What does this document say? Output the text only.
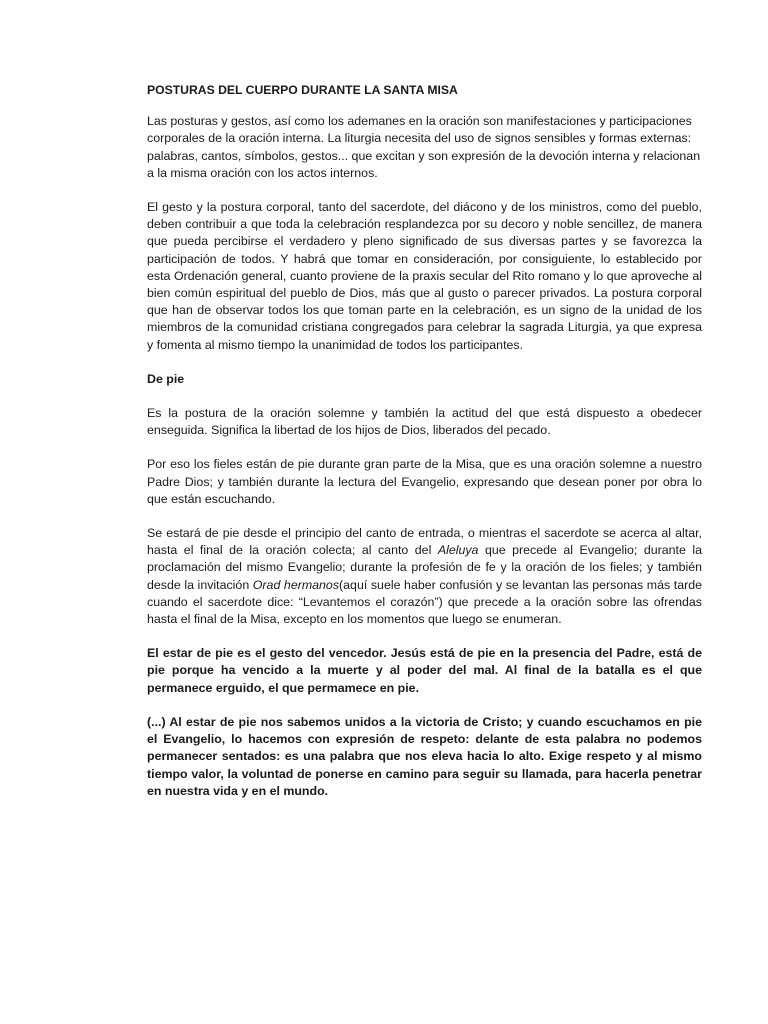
POSTURAS DEL CUERPO DURANTE LA SANTA MISA

Las posturas y gestos, así como los ademanes en la oración son manifestaciones y participaciones corporales de la oración interna. La liturgia necesita del uso de signos sensibles y formas externas: palabras, cantos, símbolos, gestos... que excitan y son expresión de la devoción interna y relacionan a la misma oración con los actos internos.

El gesto y la postura corporal, tanto del sacerdote, del diácono y de los ministros, como del pueblo, deben contribuir a que toda la celebración resplandezca por su decoro y noble sencillez, de manera que pueda percibirse el verdadero y pleno significado de sus diversas partes y se favorezca la participación de todos. Y habrá que tomar en consideración, por consiguiente, lo establecido por esta Ordenación general, cuanto proviene de la praxis secular del Rito romano y lo que aproveche al bien común espiritual del pueblo de Dios, más que al gusto o parecer privados. La postura corporal que han de observar todos los que toman parte en la celebración, es un signo de la unidad de los miembros de la comunidad cristiana congregados para celebrar la sagrada Liturgia, ya que expresa y fomenta al mismo tiempo la unanimidad de todos los participantes.

De pie

Es la postura de la oración solemne y también la actitud del que está dispuesto a obedecer enseguida. Significa la libertad de los hijos de Dios, liberados del pecado.

Por eso los fieles están de pie durante gran parte de la Misa, que es una oración solemne a nuestro Padre Dios; y también durante la lectura del Evangelio, expresando que desean poner por obra lo que están escuchando.

Se estará de pie desde el principio del canto de entrada, o mientras el sacerdote se acerca al altar, hasta el final de la oración colecta; al canto del Aleluya que precede al Evangelio; durante la proclamación del mismo Evangelio; durante la profesión de fe y la oración de los fieles; y también desde la invitación Orad hermanos(aquí suele haber confusión y se levantan las personas más tarde cuando el sacerdote dice: “Levantemos el corazón”) que precede a la oración sobre las ofrendas hasta el final de la Misa, excepto en los momentos que luego se enumeran.

El estar de pie es el gesto del vencedor. Jesús está de pie en la presencia del Padre, está de pie porque ha vencido a la muerte y al poder del mal. Al final de la batalla es el que permanece erguido, el que permamece en pie.

(...) Al estar de pie nos sabemos unidos a la victoria de Cristo; y cuando escuchamos en pie el Evangelio, lo hacemos con expresión de respeto: delante de esta palabra no podemos permanecer sentados: es una palabra que nos eleva hacia lo alto. Exige respeto y al mismo tiempo valor, la voluntad de ponerse en camino para seguir su llamada, para hacerla penetrar en nuestra vida y en el mundo.
